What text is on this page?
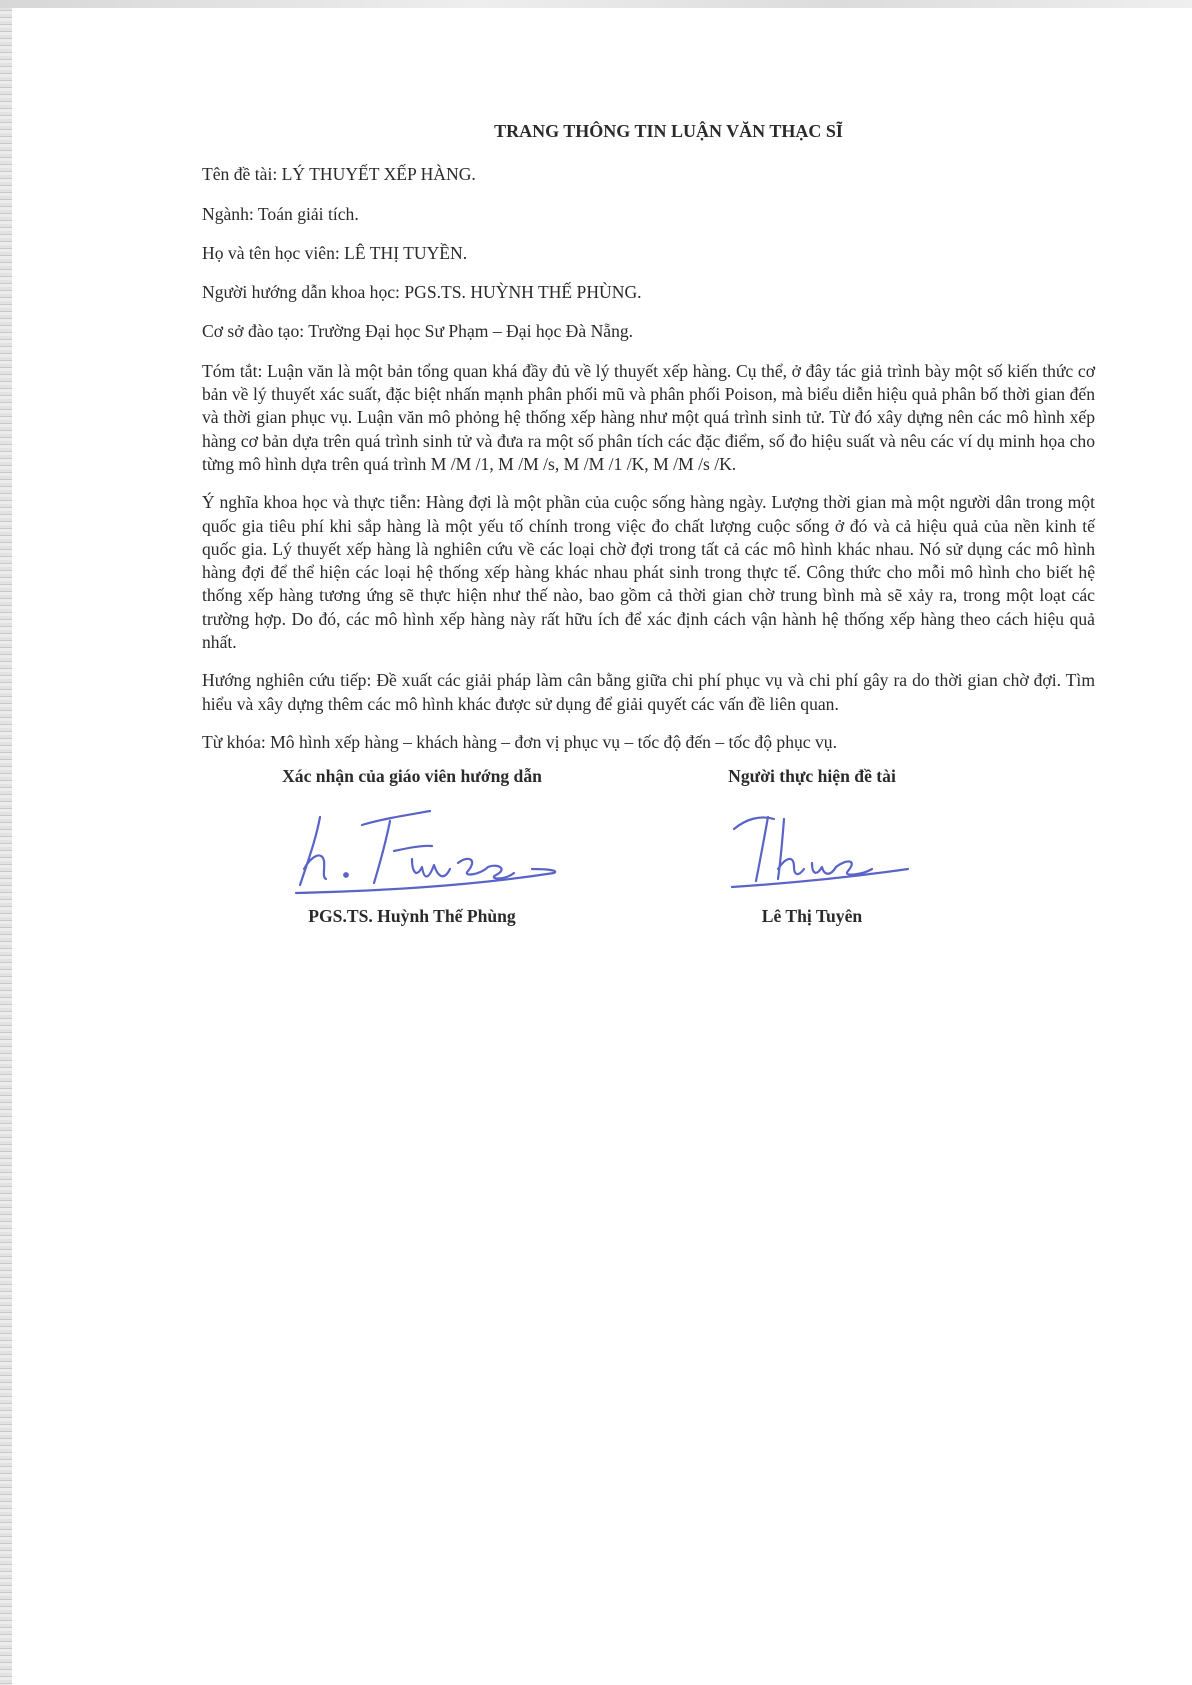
TRANG THÔNG TIN LUẬN VĂN THẠC SĨ
Tên đề tài: LÝ THUYẾT XẾP HÀNG.
Ngành: Toán giải tích.
Họ và tên học viên: LÊ THỊ TUYỀN.
Người hướng dẫn khoa học: PGS.TS. HUỲNH THẾ PHÙNG.
Cơ sở đào tạo: Trường Đại học Sư Phạm – Đại học Đà Nẵng.

Tóm tắt: Luận văn là một bản tổng quan khá đầy đủ về lý thuyết xếp hàng. Cụ thể, ở đây tác giả trình bày một số kiến thức cơ bản về lý thuyết xác suất, đặc biệt nhấn mạnh phân phối mũ và phân phối Poison, mà biểu diễn hiệu quả phân bố thời gian đến và thời gian phục vụ. Luận văn mô phỏng hệ thống xếp hàng như một quá trình sinh tử. Từ đó xây dựng nên các mô hình xếp hàng cơ bản dựa trên quá trình sinh tử và đưa ra một số phân tích các đặc điểm, số đo hiệu suất và nêu các ví dụ minh họa cho từng mô hình dựa trên quá trình M /M /1, M /M /s, M /M /1 /K, M /M /s /K.

Ý nghĩa khoa học và thực tiễn: Hàng đợi là một phần của cuộc sống hàng ngày. Lượng thời gian mà một người dân trong một quốc gia tiêu phí khi sắp hàng là một yếu tố chính trong việc đo chất lượng cuộc sống ở đó và cả hiệu quả của nền kinh tế quốc gia. Lý thuyết xếp hàng là nghiên cứu về các loại chờ đợi trong tất cả các mô hình khác nhau. Nó sử dụng các mô hình hàng đợi để thể hiện các loại hệ thống xếp hàng khác nhau phát sinh trong thực tế. Công thức cho mỗi mô hình cho biết hệ thống xếp hàng tương ứng sẽ thực hiện như thế nào, bao gồm cả thời gian chờ trung bình mà sẽ xảy ra, trong một loạt các trường hợp. Do đó, các mô hình xếp hàng này rất hữu ích để xác định cách vận hành hệ thống xếp hàng theo cách hiệu quả nhất.

Hướng nghiên cứu tiếp: Đề xuất các giải pháp làm cân bằng giữa chi phí phục vụ và chi phí gây ra do thời gian chờ đợi. Tìm hiểu và xây dựng thêm các mô hình khác được sử dụng để giải quyết các vấn đề liên quan.

Từ khóa: Mô hình xếp hàng – khách hàng – đơn vị phục vụ – tốc độ đến – tốc độ phục vụ.

Xác nhận của giáo viên hướng dẫn
PGS.TS. Huỳnh Thế Phùng
Người thực hiện đề tài
Lê Thị Tuyên
